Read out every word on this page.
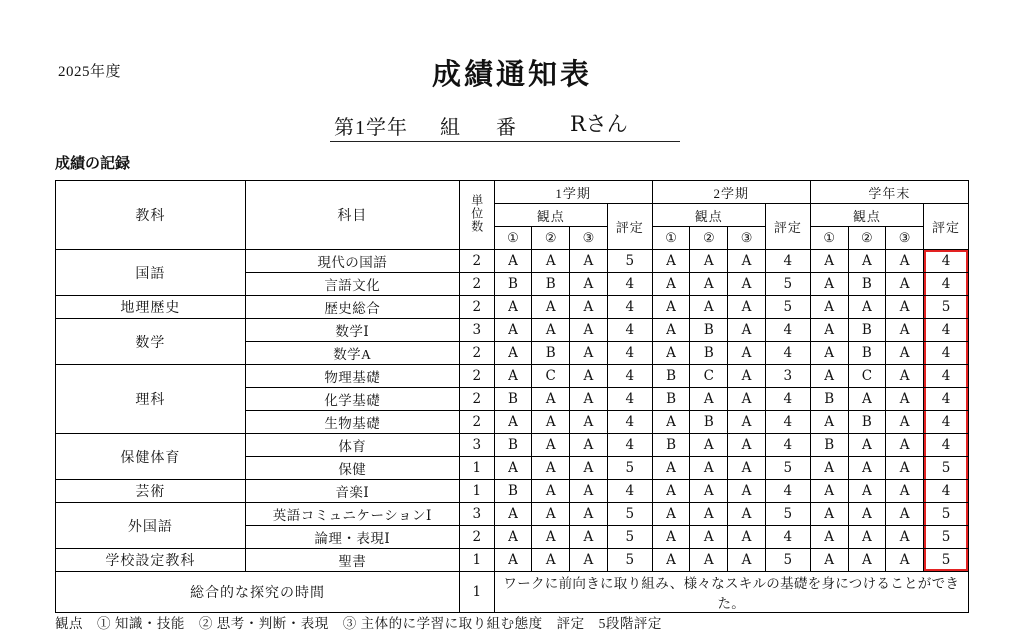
2025年度	成績通知表
第1学年 組 番	Rさん
成績の記録
教科	科目	単位数	1学期				2学期				学年末			
			観点			評定	観点			評定	観点			評定
			①	②	③		①	②	③		①	②	③	
国語	現代の国語	2	A	A	A	5	A	A	A	4	A	A	A	4
	言語文化	2	B	B	A	4	A	A	A	5	A	B	A	4
地理歴史	歴史総合	2	A	A	A	4	A	A	A	5	A	A	A	5
数学	数学Ⅰ	3	A	A	A	4	A	B	A	4	A	B	A	4
	数学A	2	A	B	A	4	A	B	A	4	A	B	A	4
理科	物理基礎	2	A	C	A	4	B	C	A	3	A	C	A	4
	化学基礎	2	B	A	A	4	B	A	A	4	B	A	A	4
	生物基礎	2	A	A	A	4	A	B	A	4	A	B	A	4
保健体育	体育	3	B	A	A	4	B	A	A	4	B	A	A	4
	保健	1	A	A	A	5	A	A	A	5	A	A	A	5
芸術	音楽Ⅰ	1	B	A	A	4	A	A	A	4	A	A	A	4
外国語	英語コミュニケーションⅠ	3	A	A	A	5	A	A	A	5	A	A	A	5
	論理・表現Ⅰ	2	A	A	A	5	A	A	A	4	A	A	A	5
学校設定教科	聖書	1	A	A	A	5	A	A	A	5	A	A	A	5
総合的な探究の時間		1	ワークに前向きに取り組み、様々なスキルの基礎を身につけることができた。											
観点 ① 知識・技能 ② 思考・判断・表現 ③ 主体的に学習に取り組む態度 評定 5段階評定
